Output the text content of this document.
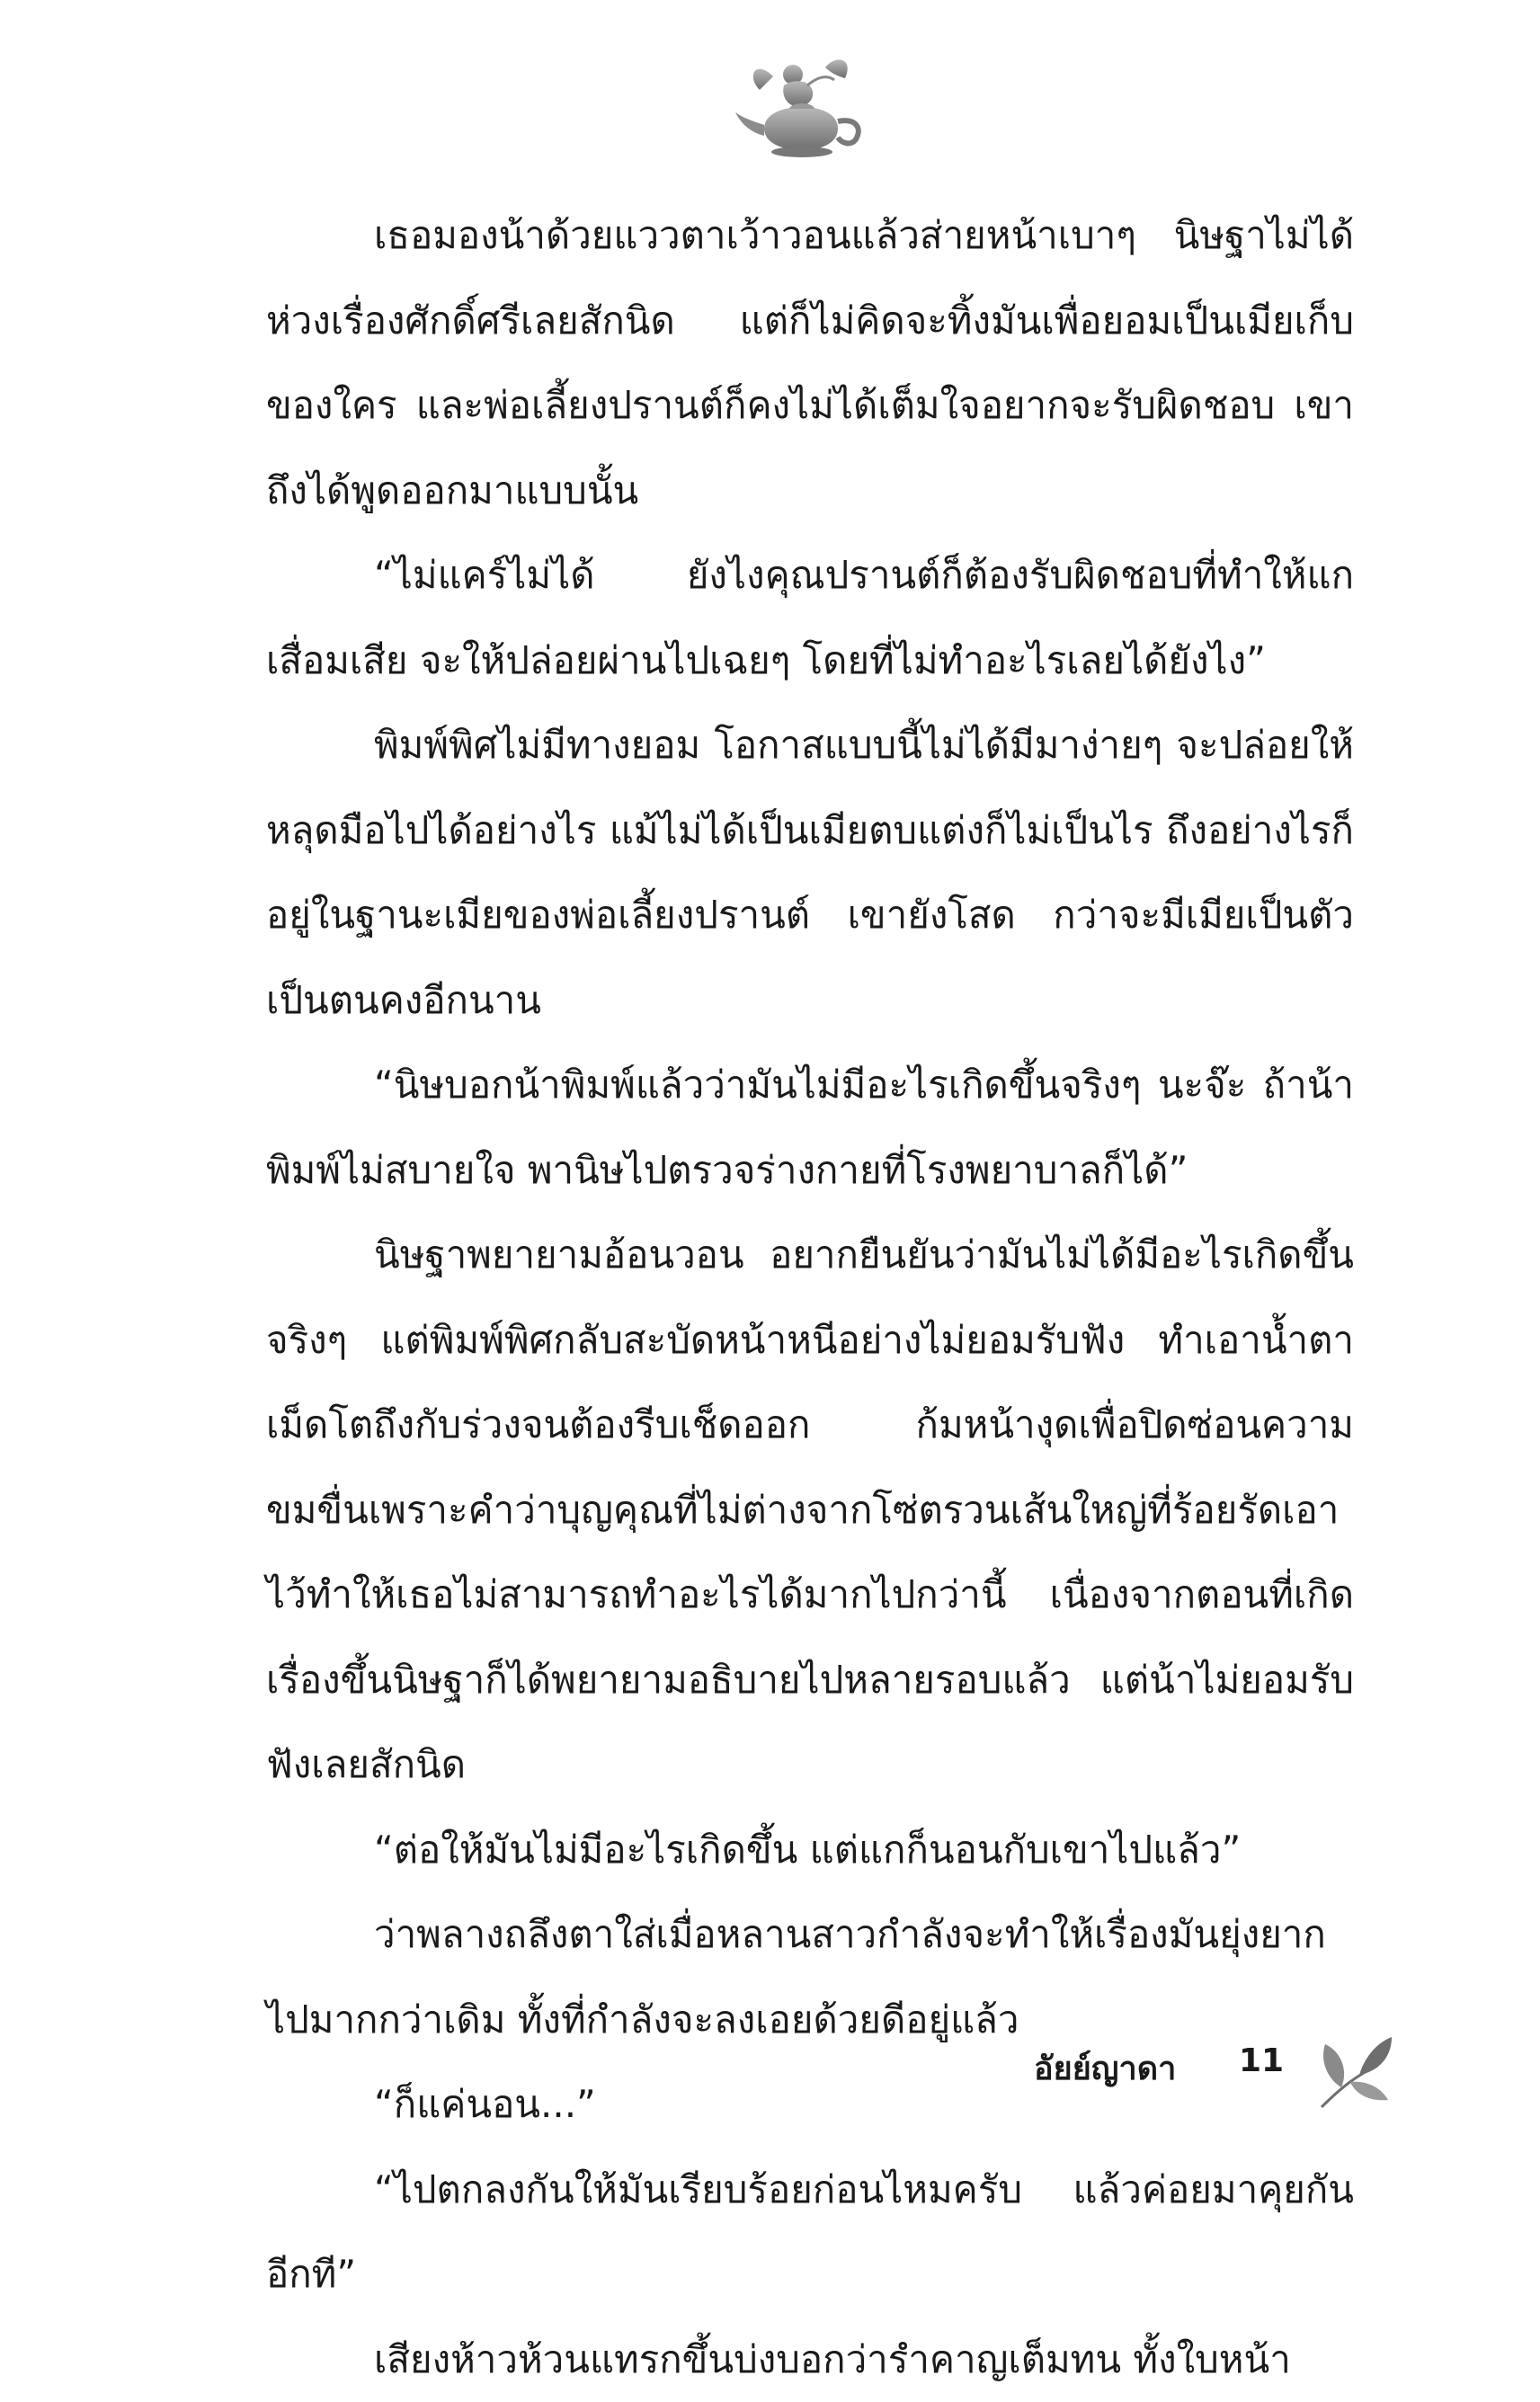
เธอมองน้าด้วยแววตาเว้าวอนแล้วส่ายหน้าเบาๆ นิษฐาไม่ได้ห่วงเรื่องศักดิ์ศรีเลยสักนิด แต่ก็ไม่คิดจะทิ้งมันเพื่อยอมเป็นเมียเก็บของใคร และพ่อเลี้ยงปรานต์ก็คงไม่ได้เต็มใจอยากจะรับผิดชอบ เขาถึงได้พูดออกมาแบบนั้น

“ไม่แคร์ไม่ได้ ยังไงคุณปรานต์ก็ต้องรับผิดชอบที่ทำให้แกเสื่อมเสีย จะให้ปล่อยผ่านไปเฉยๆ โดยที่ไม่ทำอะไรเลยได้ยังไง”

พิมพ์พิศไม่มีทางยอม โอกาสแบบนี้ไม่ได้มีมาง่ายๆ จะปล่อยให้หลุดมือไปได้อย่างไร แม้ไม่ได้เป็นเมียตบแต่งก็ไม่เป็นไร ถึงอย่างไรก็อยู่ในฐานะเมียของพ่อเลี้ยงปรานต์ เขายังโสด กว่าจะมีเมียเป็นตัวเป็นตนคงอีกนาน

“นิษบอกน้าพิมพ์แล้วว่ามันไม่มีอะไรเกิดขึ้นจริงๆ นะจ๊ะ ถ้าน้าพิมพ์ไม่สบายใจ พานิษไปตรวจร่างกายที่โรงพยาบาลก็ได้”

นิษฐาพยายามอ้อนวอน อยากยืนยันว่ามันไม่ได้มีอะไรเกิดขึ้นจริงๆ แต่พิมพ์พิศกลับสะบัดหน้าหนีอย่างไม่ยอมรับฟัง ทำเอาน้ำตาเม็ดโตถึงกับร่วงจนต้องรีบเช็ดออก ก้มหน้างุดเพื่อปิดซ่อนความขมขื่นเพราะคำว่าบุญคุณที่ไม่ต่างจากโซ่ตรวนเส้นใหญ่ที่ร้อยรัดเอาไว้ทำให้เธอไม่สามารถทำอะไรได้มากไปกว่านี้ เนื่องจากตอนที่เกิดเรื่องขึ้นนิษฐาก็ได้พยายามอธิบายไปหลายรอบแล้ว แต่น้าไม่ยอมรับฟังเลยสักนิด

“ต่อให้มันไม่มีอะไรเกิดขึ้น แต่แกก็นอนกับเขาไปแล้ว”

ว่าพลางถลึงตาใส่เมื่อหลานสาวกำลังจะทำให้เรื่องมันยุ่งยากไปมากกว่าเดิม ทั้งที่กำลังจะลงเอยด้วยดีอยู่แล้ว

“ก็แค่นอน...”

“ไปตกลงกันให้มันเรียบร้อยก่อนไหมครับ แล้วค่อยมาคุยกันอีกที”

เสียงห้าวห้วนแทรกขึ้นบ่งบอกว่ารำคาญเต็มทน ทั้งใบหน้า

อัยย์ญาดา 11
